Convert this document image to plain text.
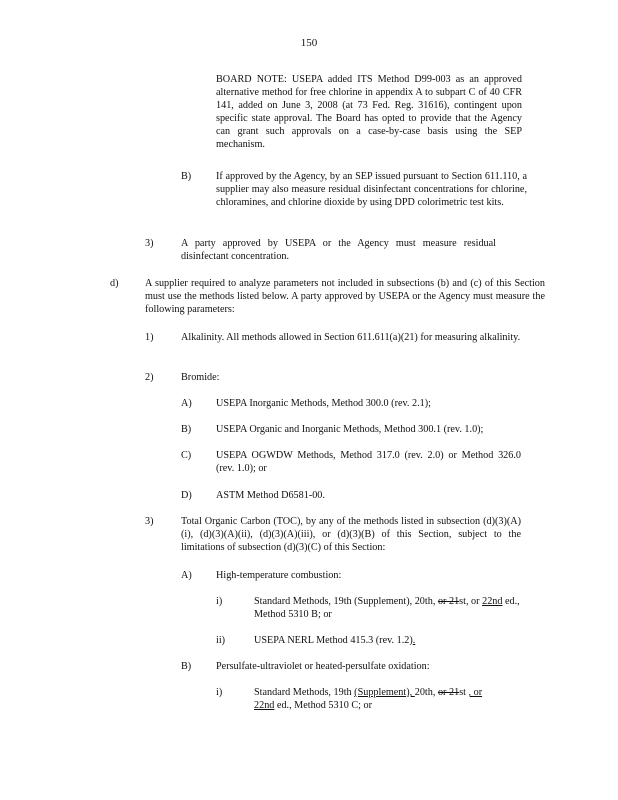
150
BOARD NOTE: USEPA added ITS Method D99-003 as an approved alternative method for free chlorine in appendix A to subpart C of 40 CFR 141, added on June 3, 2008 (at 73 Fed. Reg. 31616), contingent upon specific state approval. The Board has opted to provide that the Agency can grant such approvals on a case-by-case basis using the SEP mechanism.
B) If approved by the Agency, by an SEP issued pursuant to Section 611.110, a supplier may also measure residual disinfectant concentrations for chlorine, chloramines, and chlorine dioxide by using DPD colorimetric test kits.
3)	A party approved by USEPA or the Agency must measure residual disinfectant concentration.
d)	A supplier required to analyze parameters not included in subsections (b) and (c) of this Section must use the methods listed below. A party approved by USEPA or the Agency must measure the following parameters:
1)	Alkalinity. All methods allowed in Section 611.611(a)(21) for measuring alkalinity.
2)	Bromide:
A) USEPA Inorganic Methods, Method 300.0 (rev. 2.1);
B) USEPA Organic and Inorganic Methods, Method 300.1 (rev. 1.0);
C) USEPA OGWDW Methods, Method 317.0 (rev. 2.0) or Method 326.0 (rev. 1.0); or
D) ASTM Method D6581-00.
3)	Total Organic Carbon (TOC), by any of the methods listed in subsection (d)(3)(A)(i), (d)(3)(A)(ii), (d)(3)(A)(iii), or (d)(3)(B) of this Section, subject to the limitations of subsection (d)(3)(C) of this Section:
A) High-temperature combustion:
i)	Standard Methods, 19th (Supplement), 20th, or 21st, or 22nd ed., Method 5310 B; or
ii)	USEPA NERL Method 415.3 (rev. 1.2).
B) Persulfate-ultraviolet or heated-persulfate oxidation:
i)	Standard Methods, 19th (Supplement), 20th, or 21st , or
22nd ed., Method 5310 C; or
